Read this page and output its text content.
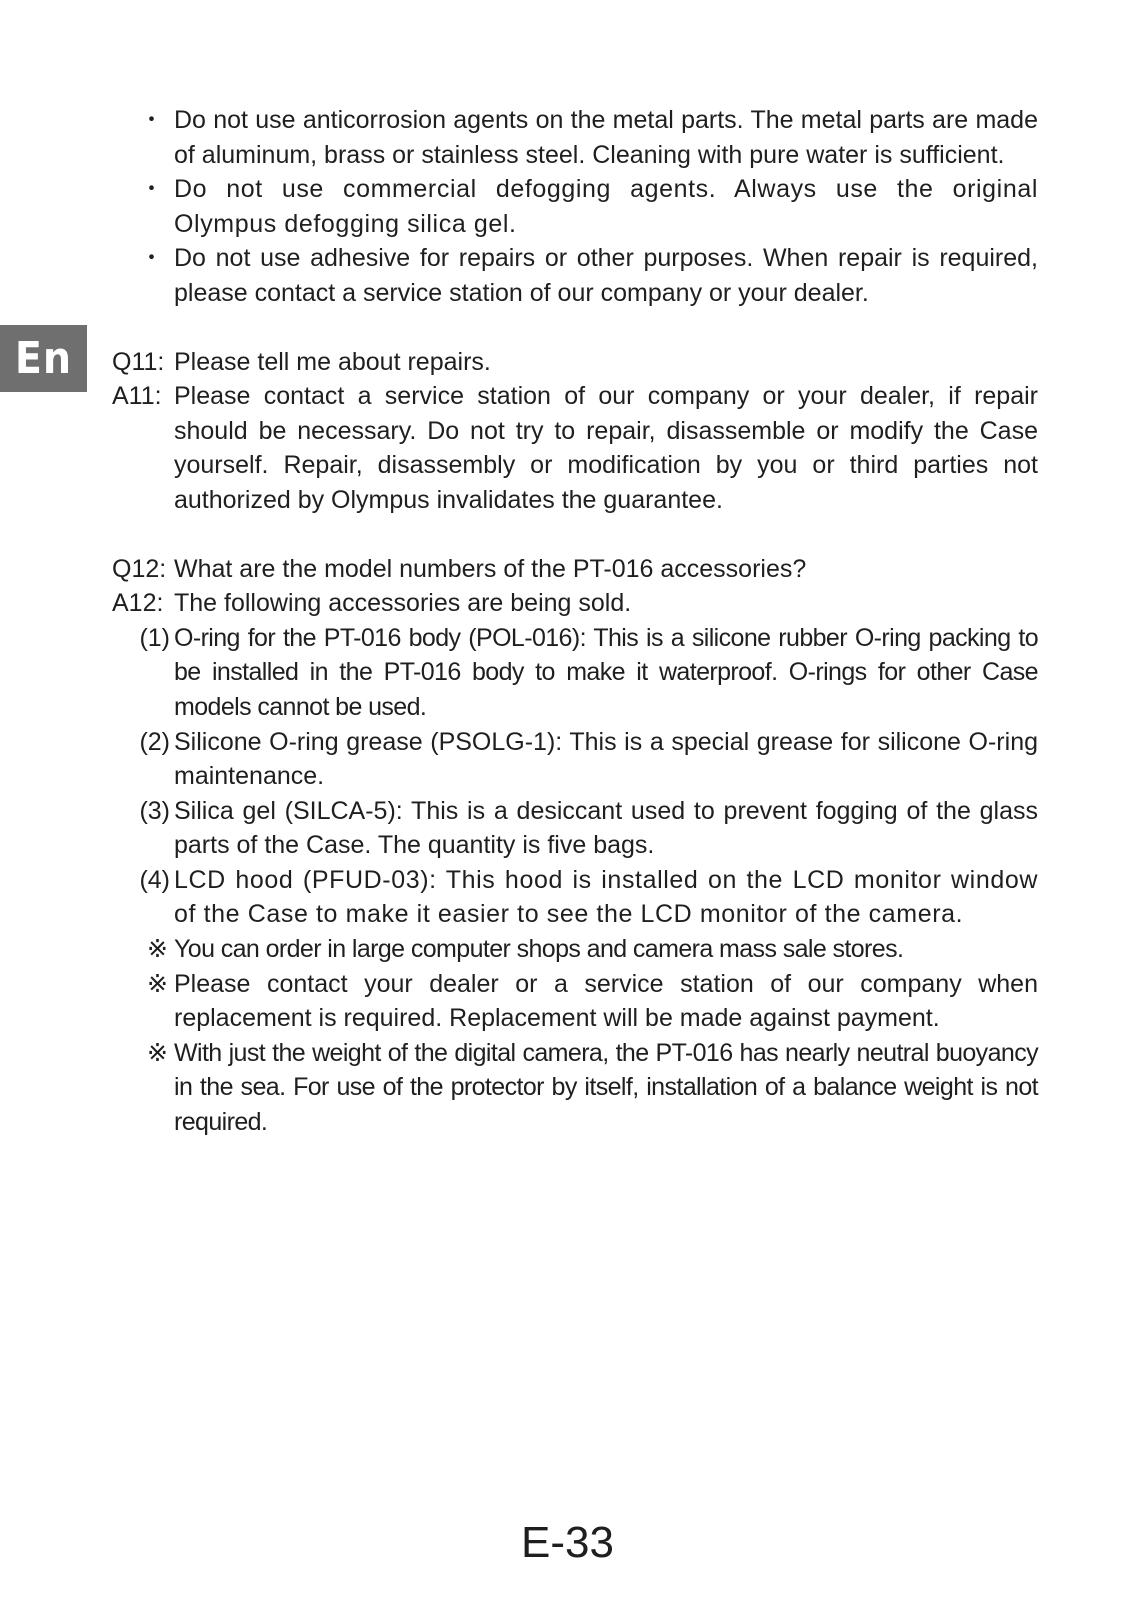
En
・ Do not use anticorrosion agents on the metal parts. The metal parts are made of aluminum, brass or stainless steel. Cleaning with pure water is sufficient.
・ Do not use commercial defogging agents. Always use the original Olympus defogging silica gel.
・ Do not use adhesive for repairs or other purposes. When repair is required, please contact a service station of our company or your dealer.
Q11: Please tell me about repairs.
A11: Please contact a service station of our company or your dealer, if repair should be necessary. Do not try to repair, disassemble or modify the Case yourself. Repair, disassembly or modification by you or third parties not authorized by Olympus invalidates the guarantee.
Q12: What are the model numbers of the PT-016 accessories?
A12: The following accessories are being sold.
(1) O-ring for the PT-016 body (POL-016): This is a silicone rubber O-ring packing to be installed in the PT-016 body to make it waterproof. O-rings for other Case models cannot be used.
(2) Silicone O-ring grease (PSOLG-1): This is a special grease for silicone O-ring maintenance.
(3) Silica gel (SILCA-5): This is a desiccant used to prevent fogging of the glass parts of the Case. The quantity is five bags.
(4) LCD hood (PFUD-03): This hood is installed on the LCD monitor window of the Case to make it easier to see the LCD monitor of the camera.
※ You can order in large computer shops and camera mass sale stores.
※ Please contact your dealer or a service station of our company when replacement is required. Replacement will be made against payment.
※ With just the weight of the digital camera, the PT-016 has nearly neutral buoyancy in the sea. For use of the protector by itself, installation of a balance weight is not required.
E-33
